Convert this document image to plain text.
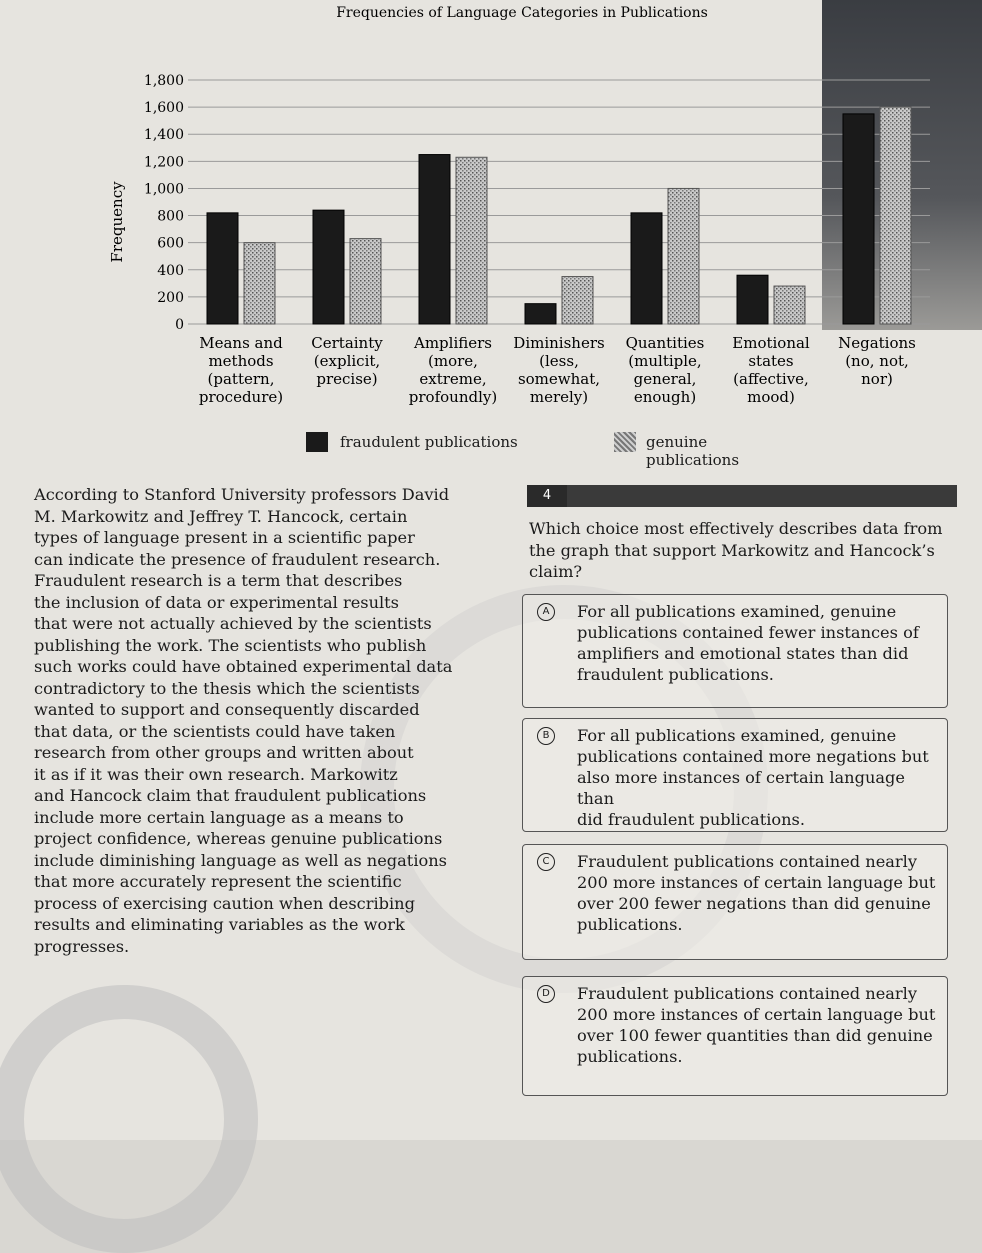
Frequencies of Language Categories in Publications
Frequency
0
200
400
600
800
1,000
1,200
1,400
1,600
1,800
Means and methods (pattern, procedure)
Certainty (explicit, precise)
Amplifiers (more, extreme, profoundly)
Diminishers (less, somewhat, merely)
Quantities (multiple, general, enough)
Emotional states (affective, mood)
Negations (no, not, nor)
fraudulent publications	genuine publications

According to Stanford University professors David

M. Markowitz and Jeffrey T. Hancock, certain

types of language present in a scientific paper

can indicate the presence of fraudulent research.

Fraudulent research is a term that describes

the inclusion of data or experimental results

that were not actually achieved by the scientists

publishing the work. The scientists who publish

such works could have obtained experimental data

contradictory to the thesis which the scientists

wanted to support and consequently discarded

that data, or the scientists could have taken

research from other groups and written about

it as if it was their own research. Markowitz

and Hancock claim that fraudulent publications

include more certain language as a means to

project confidence, whereas genuine publications

include diminishing language as well as negations

that more accurately represent the scientific

process of exercising caution when describing

results and eliminating variables as the work

progresses.

4
Which choice most effectively describes data from
the graph that support Markowitz and Hancock’s
claim?
A	For all publications examined, genuine
publications contained fewer instances of
amplifiers and emotional states than did
fraudulent publications.
B	For all publications examined, genuine
publications contained more negations but
also more instances of certain language than
did fraudulent publications.
C	Fraudulent publications contained nearly
200 more instances of certain language but
over 200 fewer negations than did genuine
publications.
D	Fraudulent publications contained nearly
200 more instances of certain language but
over 100 fewer quantities than did genuine
publications.
